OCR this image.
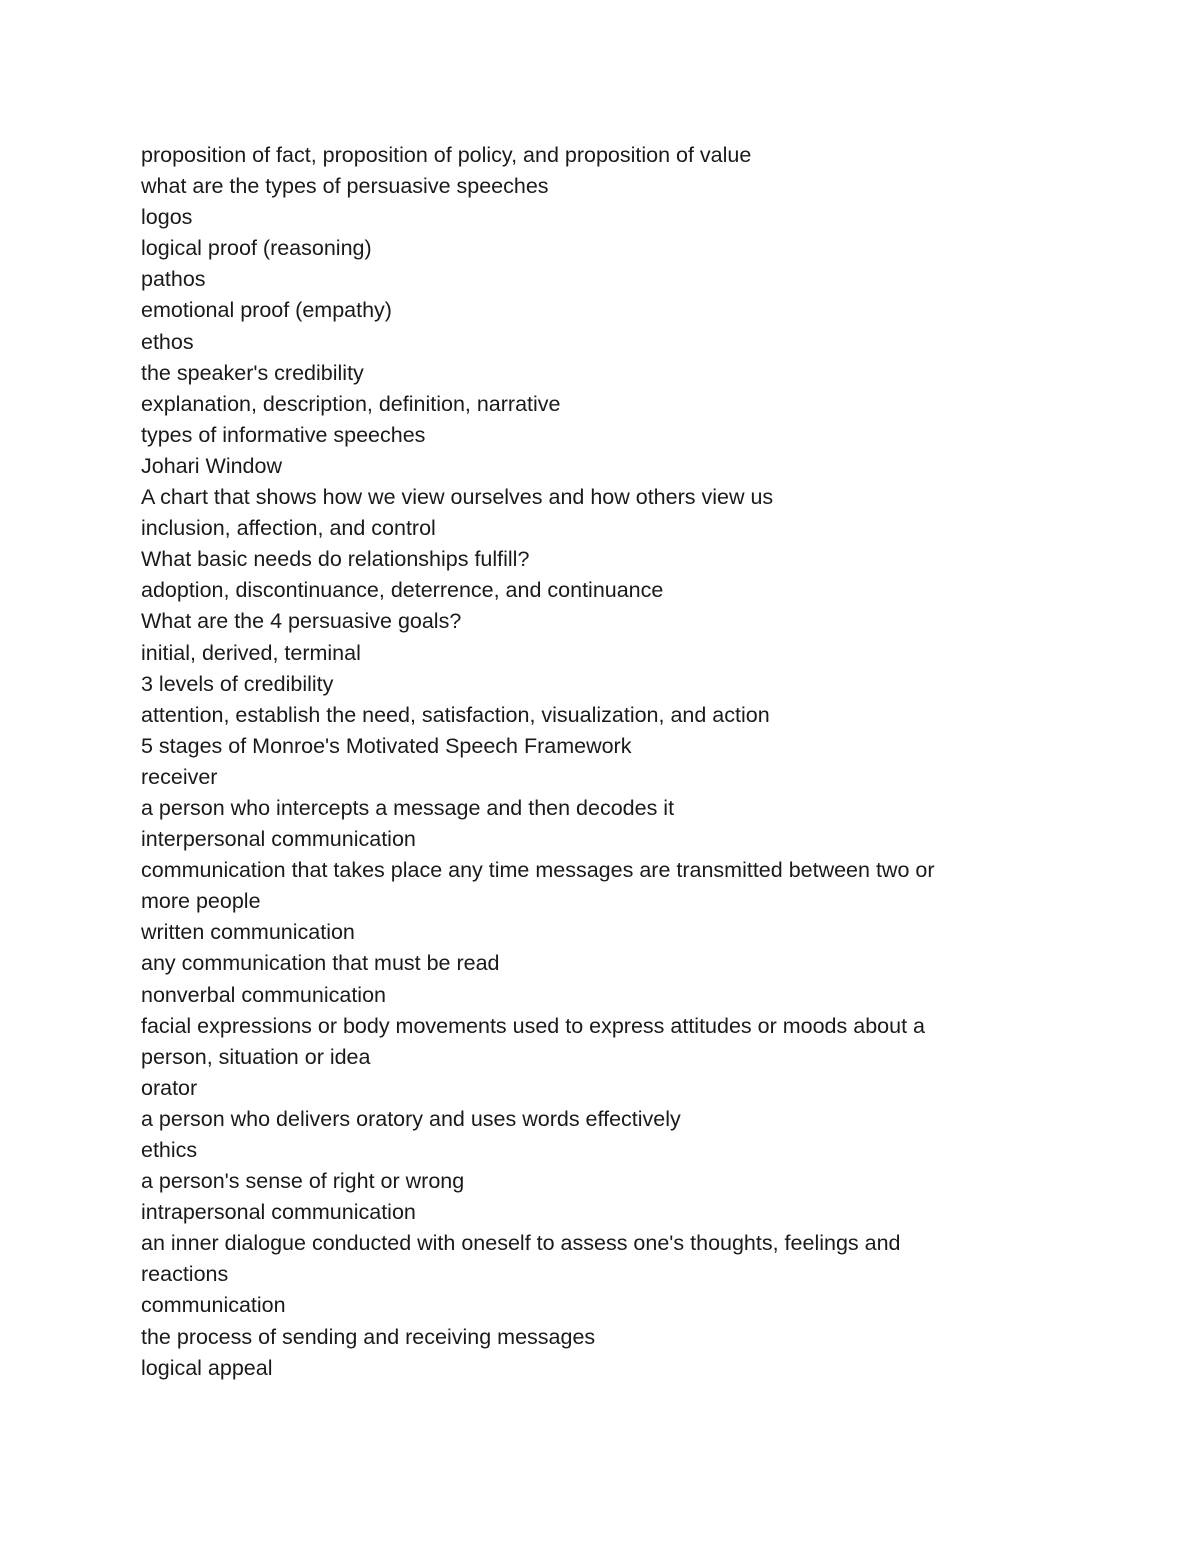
proposition of fact, proposition of policy, and proposition of value
what are the types of persuasive speeches
logos
logical proof (reasoning)
pathos
emotional proof (empathy)
ethos
the speaker's credibility
explanation, description, definition, narrative
types of informative speeches
Johari Window
A chart that shows how we view ourselves and how others view us
inclusion, affection, and control
What basic needs do relationships fulfill?
adoption, discontinuance, deterrence, and continuance
What are the 4 persuasive goals?
initial, derived, terminal
3 levels of credibility
attention, establish the need, satisfaction, visualization, and action
5 stages of Monroe's Motivated Speech Framework
receiver
a person who intercepts a message and then decodes it
interpersonal communication
communication that takes place any time messages are transmitted between two or
more people
written communication
any communication that must be read
nonverbal communication
facial expressions or body movements used to express attitudes or moods about a
person, situation or idea
orator
a person who delivers oratory and uses words effectively
ethics
a person's sense of right or wrong
intrapersonal communication
an inner dialogue conducted with oneself to assess one's thoughts, feelings and
reactions
communication
the process of sending and receiving messages
logical appeal
